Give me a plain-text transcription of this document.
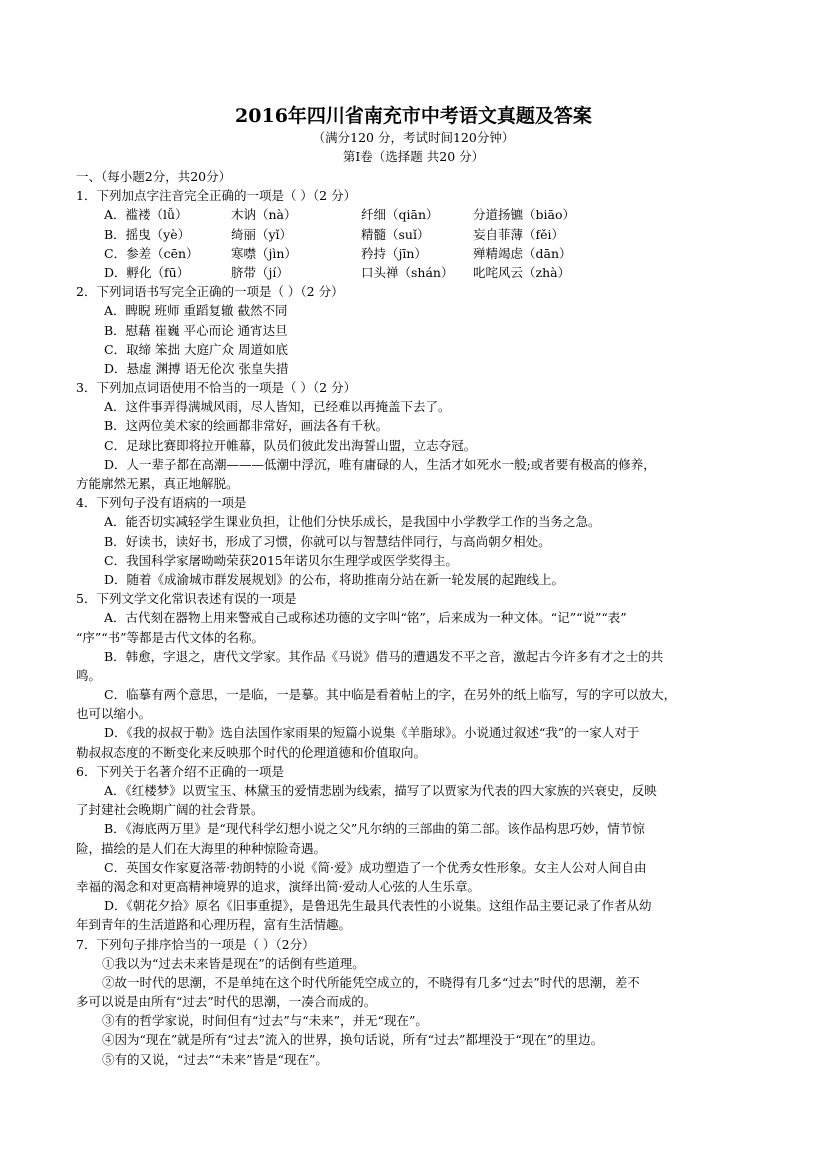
2016年四川省南充市中考语文真题及答案
（满分120 分，考试时间120分钟）
第Ⅰ卷（选择题 共20 分）
一、（每小题2分，共20分）
1．下列加点字注音完全正确的一项是（ ）（2 分）
A．褴褛（lǚ）	木讷（nà）	纤细（qiān）	分道扬镳（biāo）
B．摇曳（yè）	绮丽（yǐ）	精髓（suǐ）	妄自菲薄（fěi）
C．参差（cēn）	寒噤（jìn）	矜持（jīn）	殚精竭虑（dān）
D．孵化（fū）	脐带（jí）	口头禅（shán） 叱咤风云（zhà）
2．下列词语书写完全正确的一项是（ ）（2 分）
A．睥睨 班师 重蹈复辙 截然不同
B．慰藉 崔巍 平心而论 通宵达旦
C．取缔 笨拙 大庭广众 周道如底
D．悬虚 渊搏 语无伦次 张皇失措
3．下列加点词语使用不恰当的一项是（ ）（2 分）
A．这件事弄得满城风雨，尽人皆知，已经难以再掩盖下去了。
B．这两位美术家的绘画都非常好，画法各有千秋。
C．足球比赛即将拉开帷幕，队员们彼此发出海誓山盟，立志夺冠。
D．人一辈子都在高潮———低潮中浮沉，唯有庸碌的人，生活才如死水一般;或者要有极高的修养，
方能廓然无累，真正地解脱。
4．下列句子没有语病的一项是
A．能否切实减轻学生课业负担，让他们分快乐成长，是我国中小学教学工作的当务之急。
B．好读书，读好书，形成了习惯，你就可以与智慧结伴同行，与高尚朝夕相处。
C．我国科学家屠呦呦荣获2015年诺贝尔生理学或医学奖得主。
D．随着《成渝城市群发展规划》的公布，将助推南分站在新一轮发展的起跑线上。
5．下列文学文化常识表述有误的一项是
A．古代刻在器物上用来警戒自己或称述功德的文字叫“铭”，后来成为一种文体。“记”“说”“表”
“序”“书”等都是古代文体的名称。
B．韩愈，字退之，唐代文学家。其作品《马说》借马的遭遇发不平之音，激起古今许多有才之士的共
鸣。
C．临摹有两个意思，一是临，一是摹。其中临是看着帖上的字，在另外的纸上临写，写的字可以放大，
也可以缩小。
D．《我的叔叔于勒》选自法国作家雨果的短篇小说集《羊脂球》。小说通过叙述“我”的一家人对于
勒叔叔态度的不断变化来反映那个时代的伦理道德和价值取向。
6．下列关于名著介绍不正确的一项是
A．《红楼梦》以贾宝玉、林黛玉的爱情悲剧为线索，描写了以贾家为代表的四大家族的兴衰史，反映
了封建社会晚期广阔的社会背景。
B．《海底两万里》是“现代科学幻想小说之父”凡尔纳的三部曲的第二部。该作品构思巧妙，情节惊
险，描绘的是人们在大海里的种种惊险奇遇。
C．英国女作家夏洛蒂·勃朗特的小说《简·爱》成功塑造了一个优秀女性形象。女主人公对人间自由
幸福的渴念和对更高精神境界的追求，演绎出简·爱动人心弦的人生乐章。
D．《朝花夕拾》原名《旧事重提》，是鲁迅先生最具代表性的小说集。这组作品主要记录了作者从幼
年到青年的生活道路和心理历程，富有生活情趣。
7．下列句子排序恰当的一项是（ ）（2分）
①我以为“过去未来皆是现在”的话倒有些道理。
②故一时代的思潮，不是单纯在这个时代所能凭空成立的，不晓得有几多“过去”时代的思潮，差不
多可以说是由所有“过去”时代的思潮，一凑合而成的。
③有的哲学家说，时间但有“过去”与“未来”，并无“现在”。
④因为“现在”就是所有“过去”流入的世界，换句话说，所有“过去”都埋没于“现在”的里边。
⑤有的又说，“过去”“未来”皆是“现在”。
